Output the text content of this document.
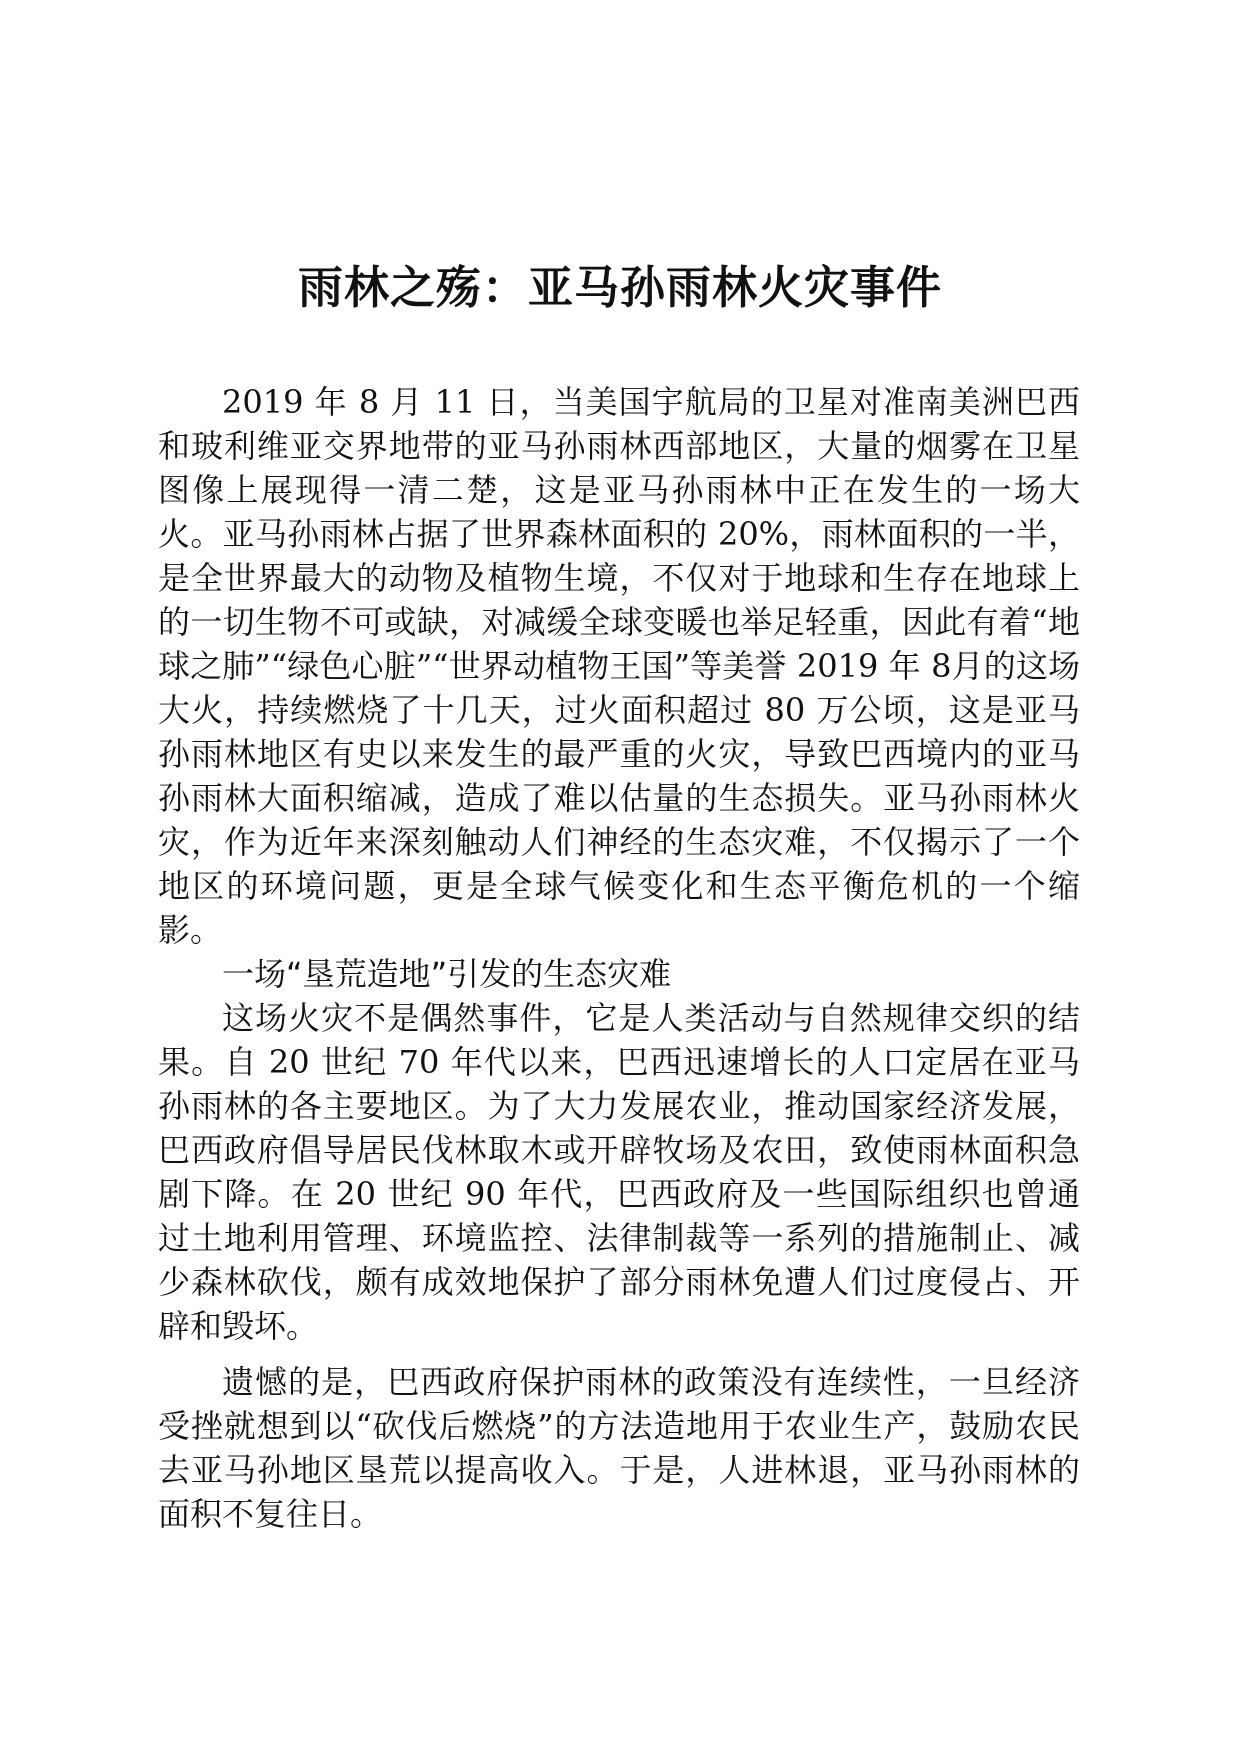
雨林之殇：亚马孙雨林火灾事件

2019 年 8 月 11 日，当美国宇航局的卫星对准南美洲巴西和玻利维亚交界地带的亚马孙雨林西部地区，大量的烟雾在卫星图像上展现得一清二楚，这是亚马孙雨林中正在发生的一场大火。亚马孙雨林占据了世界森林面积的 20%，雨林面积的一半，是全世界最大的动物及植物生境，不仅对于地球和生存在地球上的一切生物不可或缺，对减缓全球变暖也举足轻重，因此有着“地球之肺”“绿色心脏”“世界动植物王国”等美誉 2019 年 8月的这场大火，持续燃烧了十几天，过火面积超过 80 万公顷，这是亚马孙雨林地区有史以来发生的最严重的火灾，导致巴西境内的亚马孙雨林大面积缩减，造成了难以估量的生态损失。亚马孙雨林火灾，作为近年来深刻触动人们神经的生态灾难，不仅揭示了一个地区的环境问题，更是全球气候变化和生态平衡危机的一个缩影。

一场“垦荒造地”引发的生态灾难

这场火灾不是偶然事件，它是人类活动与自然规律交织的结果。自 20 世纪 70 年代以来，巴西迅速增长的人口定居在亚马孙雨林的各主要地区。为了大力发展农业，推动国家经济发展，巴西政府倡导居民伐林取木或开辟牧场及农田，致使雨林面积急剧下降。在 20 世纪 90 年代，巴西政府及一些国际组织也曾通过土地利用管理、环境监控、法律制裁等一系列的措施制止、减少森林砍伐，颇有成效地保护了部分雨林免遭人们过度侵占、开辟和毁坏。

遗憾的是，巴西政府保护雨林的政策没有连续性，一旦经济受挫就想到以“砍伐后燃烧”的方法造地用于农业生产，鼓励农民去亚马孙地区垦荒以提高收入。于是，人进林退，亚马孙雨林的面积不复往日。
